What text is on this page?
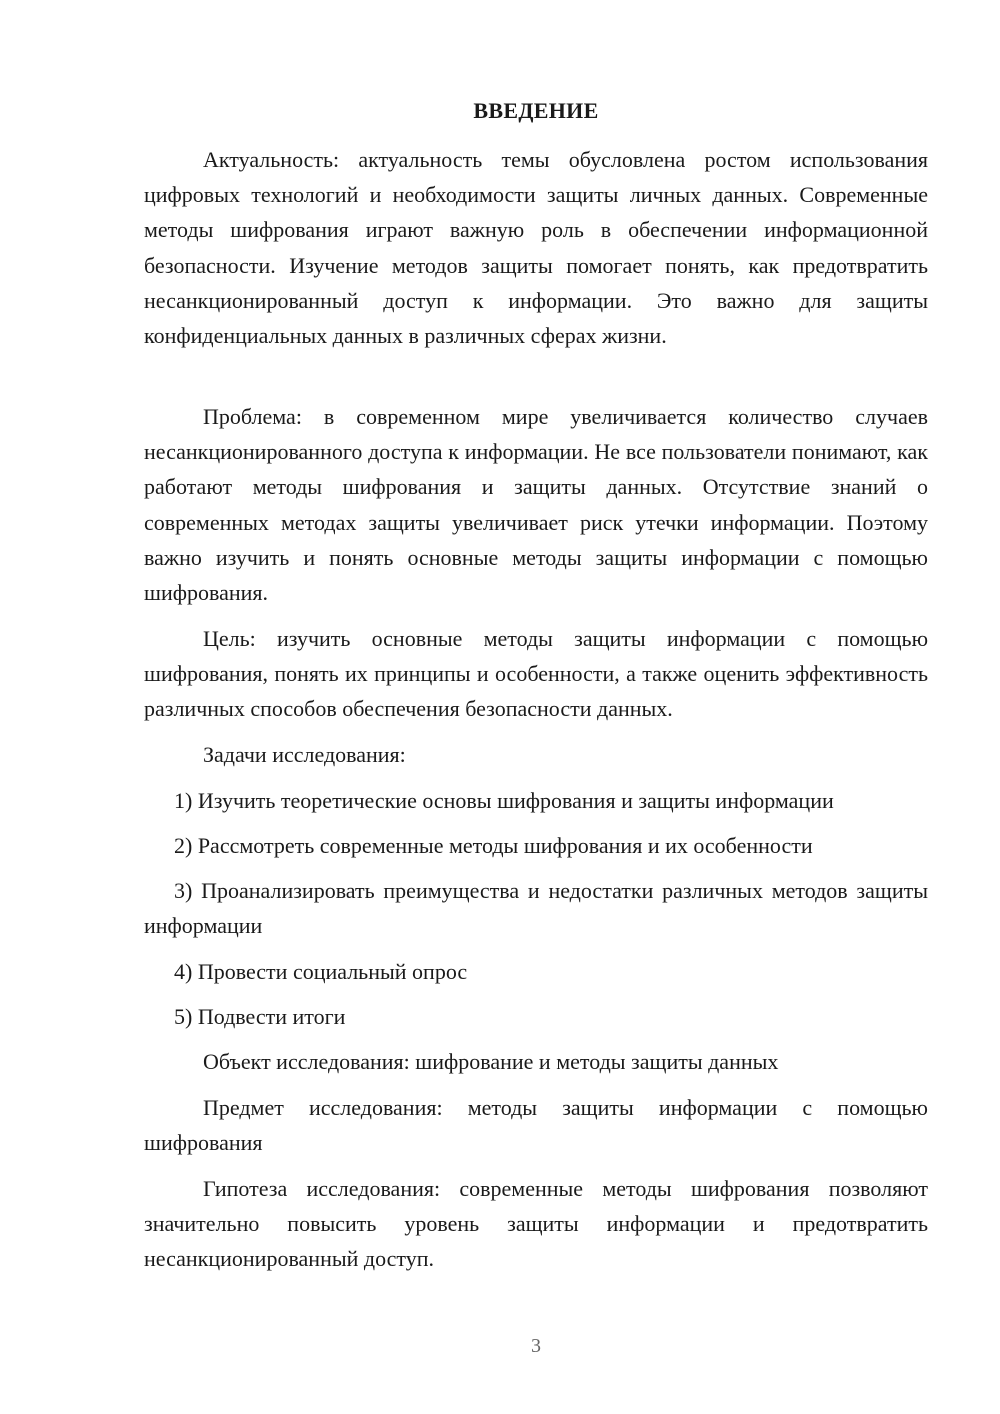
ВВЕДЕНИЕ

Актуальность: актуальность темы обусловлена ростом использования цифровых технологий и необходимости защиты личных данных. Современные методы шифрования играют важную роль в обеспечении информационной безопасности. Изучение методов защиты помогает понять, как предотвратить несанкционированный доступ к информации. Это важно для защиты конфиденциальных данных в различных сферах жизни.

Проблема: в современном мире увеличивается количество случаев несанкционированного доступа к информации. Не все пользователи понимают, как работают методы шифрования и защиты данных. Отсутствие знаний о современных методах защиты увеличивает риск утечки информации. Поэтому важно изучить и понять основные методы защиты информации с помощью шифрования.

Цель: изучить основные методы защиты информации с помощью шифрования, понять их принципы и особенности, а также оценить эффективность различных способов обеспечения безопасности данных.

Задачи исследования:

1) Изучить теоретические основы шифрования и защиты информации

2) Рассмотреть современные методы шифрования и их особенности

3) Проанализировать преимущества и недостатки различных методов защиты информации

4) Провести социальный опрос

5) Подвести итоги

Объект исследования: шифрование и методы защиты данных

Предмет исследования: методы защиты информации с помощью шифрования

Гипотеза исследования: современные методы шифрования позволяют значительно повысить уровень защиты информации и предотвратить несанкционированный доступ.

3
